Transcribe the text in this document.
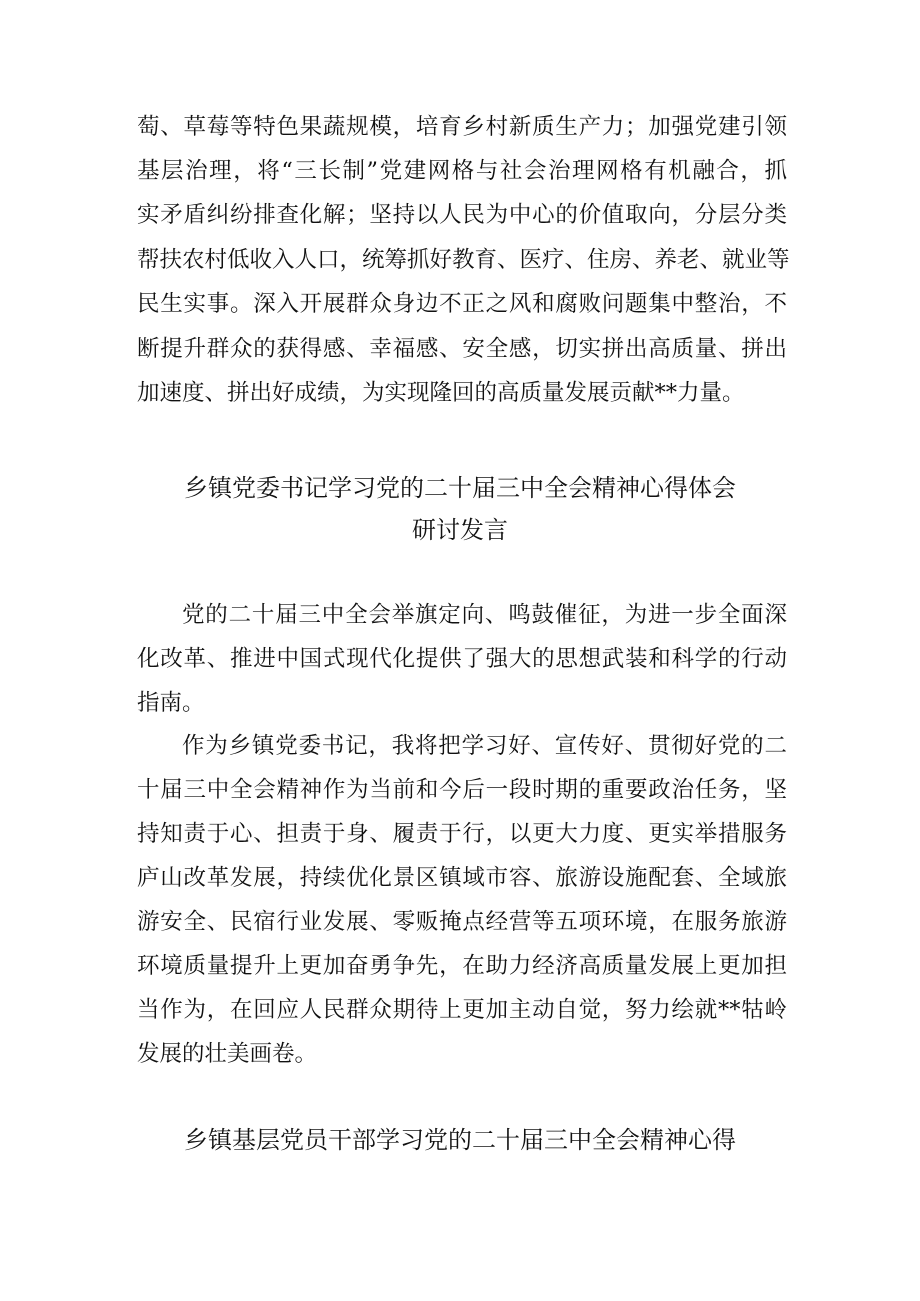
萄、草莓等特色果蔬规模，培育乡村新质生产力；加强党建引领
基层治理，将“三长制”党建网格与社会治理网格有机融合，抓
实矛盾纠纷排查化解；坚持以人民为中心的价值取向，分层分类
帮扶农村低收入人口，统筹抓好教育、医疗、住房、养老、就业等
民生实事。深入开展群众身边不正之风和腐败问题集中整治，不
断提升群众的获得感、幸福感、安全感，切实拼出高质量、拼出
加速度、拼出好成绩，为实现隆回的高质量发展贡献**力量。
乡镇党委书记学习党的二十届三中全会精神心得体会
研讨发言
党的二十届三中全会举旗定向、鸣鼓催征，为进一步全面深
化改革、推进中国式现代化提供了强大的思想武装和科学的行动
指南。
作为乡镇党委书记，我将把学习好、宣传好、贯彻好党的二
十届三中全会精神作为当前和今后一段时期的重要政治任务，坚
持知责于心、担责于身、履责于行，以更大力度、更实举措服务
庐山改革发展，持续优化景区镇域市容、旅游设施配套、全域旅
游安全、民宿行业发展、零贩掩点经营等五项环境，在服务旅游
环境质量提升上更加奋勇争先，在助力经济高质量发展上更加担
当作为，在回应人民群众期待上更加主动自觉，努力绘就**牯岭
发展的壮美画卷。
乡镇基层党员干部学习党的二十届三中全会精神心得
